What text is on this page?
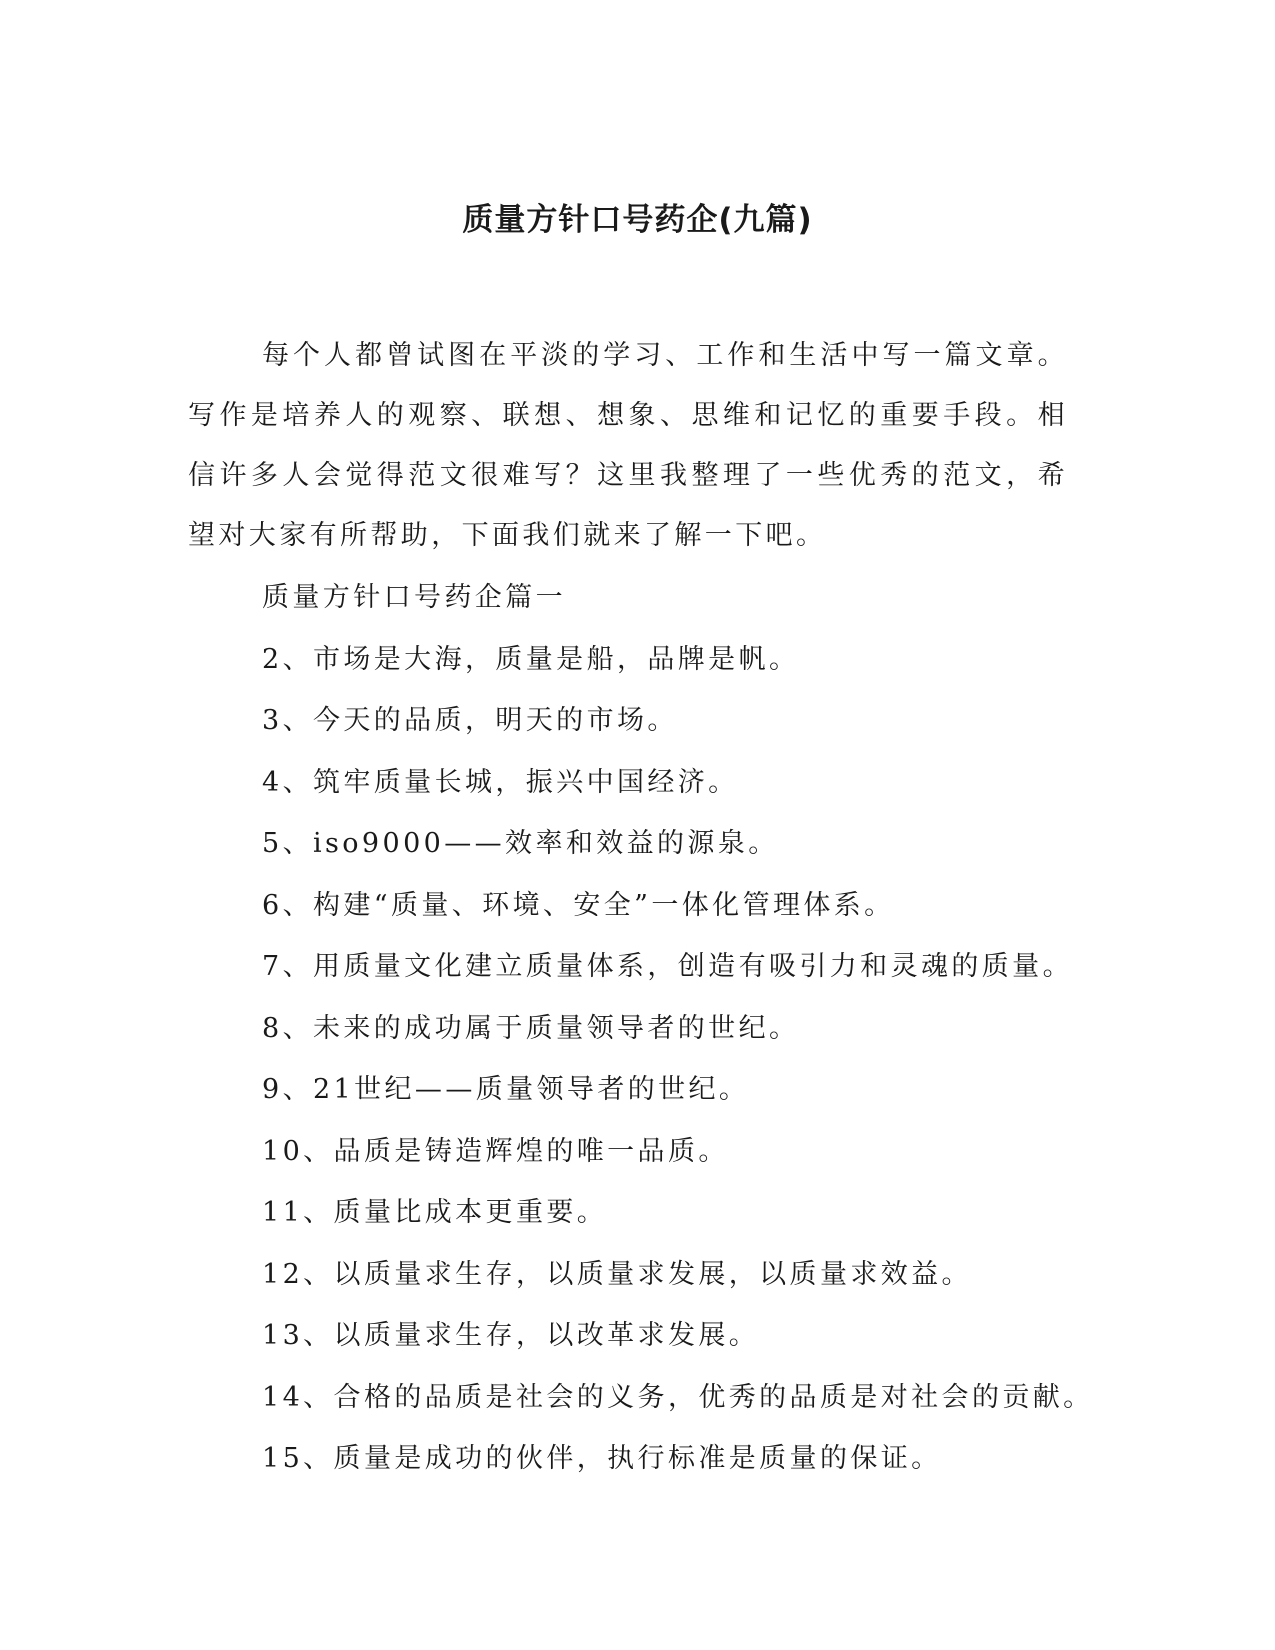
质量方针口号药企(九篇)

每个人都曾试图在平淡的学习、工作和生活中写一篇文章。写作是培养人的观察、联想、想象、思维和记忆的重要手段。相信许多人会觉得范文很难写？这里我整理了一些优秀的范文，希望对大家有所帮助，下面我们就来了解一下吧。

质量方针口号药企篇一
2、市场是大海，质量是船，品牌是帆。
3、今天的品质，明天的市场。
4、筑牢质量长城，振兴中国经济。
5、iso9000——效率和效益的源泉。
6、构建“质量、环境、安全”一体化管理体系。
7、用质量文化建立质量体系，创造有吸引力和灵魂的质量。
8、未来的成功属于质量领导者的世纪。
9、21世纪——质量领导者的世纪。
10、品质是铸造辉煌的唯一品质。
11、质量比成本更重要。
12、以质量求生存，以质量求发展，以质量求效益。
13、以质量求生存，以改革求发展。
14、合格的品质是社会的义务，优秀的品质是对社会的贡献。
15、质量是成功的伙伴，执行标准是质量的保证。
